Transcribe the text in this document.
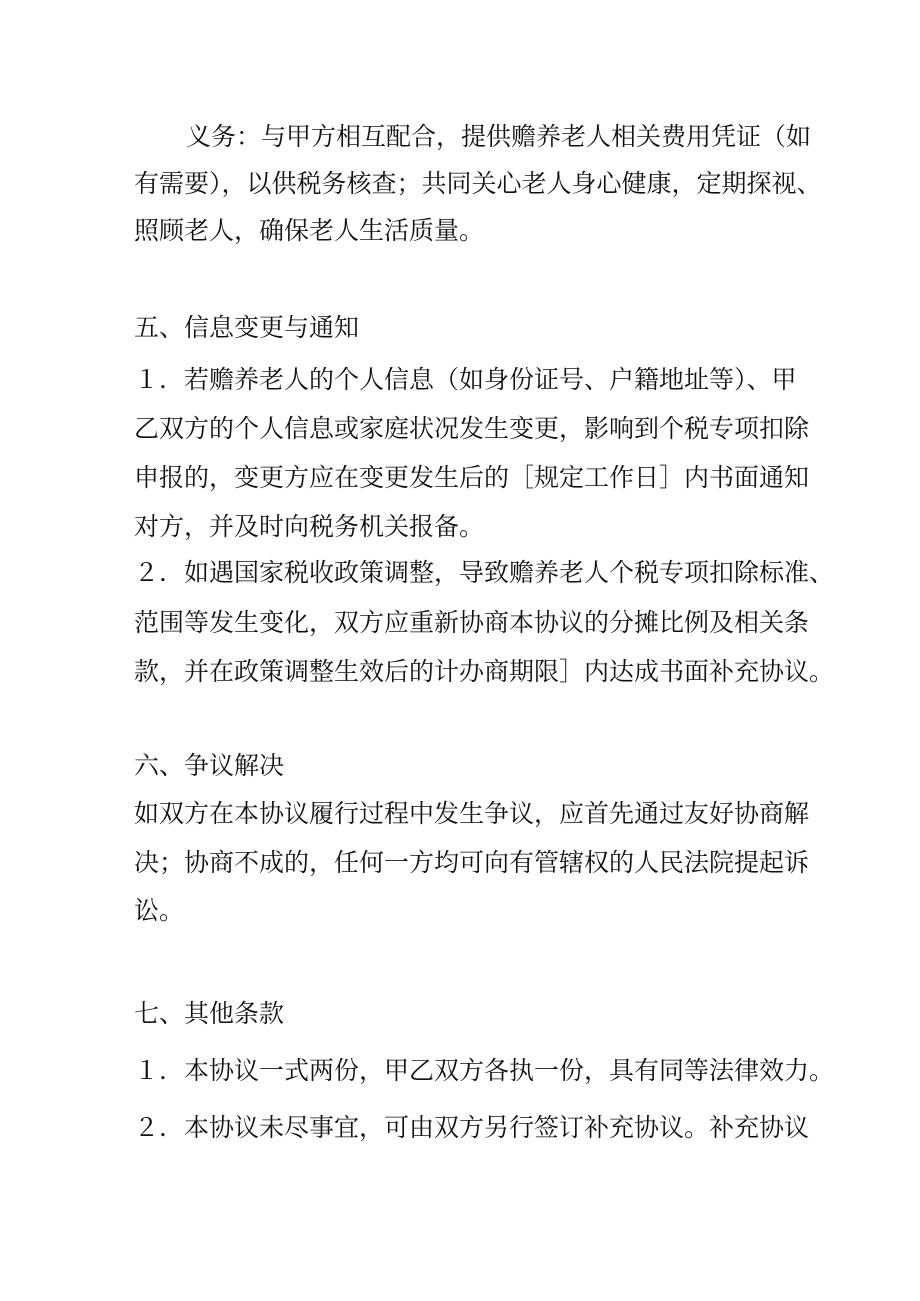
义务：与甲方相互配合，提供赡养老人相关费用凭证（如
有需要），以供税务核查；共同关心老人身心健康，定期探视、
照顾老人，确保老人生活质量。
五、信息变更与通知
１．若赡养老人的个人信息（如身份证号、户籍地址等）、甲
乙双方的个人信息或家庭状况发生变更，影响到个税专项扣除
申报的，变更方应在变更发生后的［规定工作日］内书面通知
对方，并及时向税务机关报备。
２．如遇国家税收政策调整，导致赡养老人个税专项扣除标准、
范围等发生变化，双方应重新协商本协议的分摊比例及相关条
款，并在政策调整生效后的计办商期限］内达成书面补充协议。
六、争议解决
如双方在本协议履行过程中发生争议，应首先通过友好协商解
决；协商不成的，任何一方均可向有管辖权的人民法院提起诉
讼。
七、其他条款
１．本协议一式两份，甲乙双方各执一份，具有同等法律效力。
２．本协议未尽事宜，可由双方另行签订补充协议。补充协议
